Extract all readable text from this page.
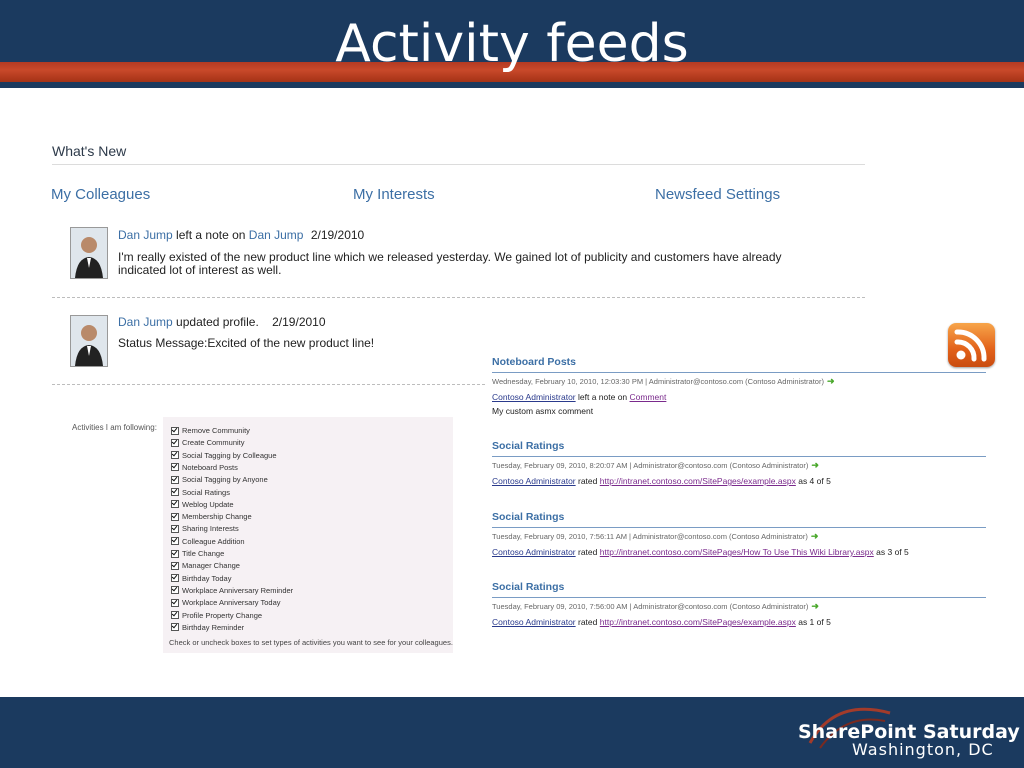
Activity feeds
What's New
My Colleagues	My Interests	Newsfeed Settings
Dan Jump left a note on Dan Jump 2/19/2010
I'm really existed of the new product line which we released yesterday. We gained lot of publicity and customers have already
indicated lot of interest as well.
Dan Jump updated profile. 2/19/2010
Status Message:Excited of the new product line!
Activities I am following:	Remove Community
Create Community
Social Tagging by Colleague
Noteboard Posts
Social Tagging by Anyone
Social Ratings
Weblog Update
Membership Change
Sharing Interests
Colleague Addition
Title Change
Manager Change
Birthday Today
Workplace Anniversary Reminder
Workplace Anniversary Today
Profile Property Change
Birthday Reminder
Check or uncheck boxes to set types of activities you want to see for your colleagues.
Noteboard Posts
Wednesday, February 10, 2010, 12:03:30 PM | Administrator@contoso.com (Contoso Administrator) ➜
Contoso Administrator left a note on Comment
My custom asmx comment
Social Ratings
Tuesday, February 09, 2010, 8:20:07 AM | Administrator@contoso.com (Contoso Administrator) ➜
Contoso Administrator rated http://intranet.contoso.com/SitePages/example.aspx as 4 of 5
Social Ratings
Tuesday, February 09, 2010, 7:56:11 AM | Administrator@contoso.com (Contoso Administrator) ➜
Contoso Administrator rated http://intranet.contoso.com/SitePages/How To Use This Wiki Library.aspx as 3 of 5
Social Ratings
Tuesday, February 09, 2010, 7:56:00 AM | Administrator@contoso.com (Contoso Administrator) ➜
Contoso Administrator rated http://intranet.contoso.com/SitePages/example.aspx as 1 of 5
SharePoint Saturday
Washington, DC
